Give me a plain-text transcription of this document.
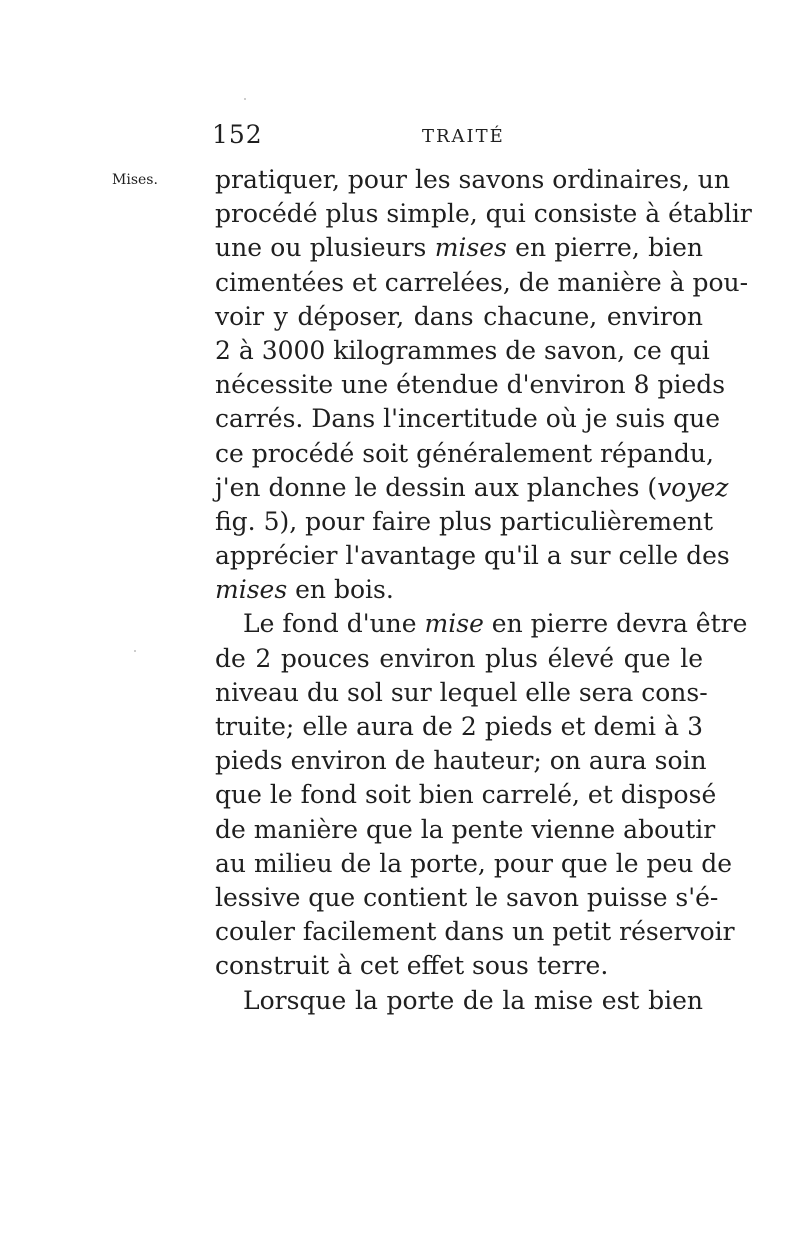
152	TRAITÉ
Mises. pratiquer, pour les savons ordinaires, un
procédé plus simple, qui consiste à établir
une ou plusieurs mises en pierre, bien
cimentées et carrelées, de manière à pou-
voir y déposer, dans chacune, environ
2 à 3000 kilogrammes de savon, ce qui
nécessite une étendue d'environ 8 pieds
carrés. Dans l'incertitude où je suis que
ce procédé soit généralement répandu,
j'en donne le dessin aux planches (voyez
fig. 5), pour faire plus particulièrement
apprécier l'avantage qu'il a sur celle des
mises en bois.
Le fond d'une mise en pierre devra être
de 2 pouces environ plus élevé que le
niveau du sol sur lequel elle sera cons-
truite; elle aura de 2 pieds et demi à 3
pieds environ de hauteur; on aura soin
que le fond soit bien carrelé, et disposé
de manière que la pente vienne aboutir
au milieu de la porte, pour que le peu de
lessive que contient le savon puisse s'é-
couler facilement dans un petit réservoir
construit à cet effet sous terre.
Lorsque la porte de la mise est bien
